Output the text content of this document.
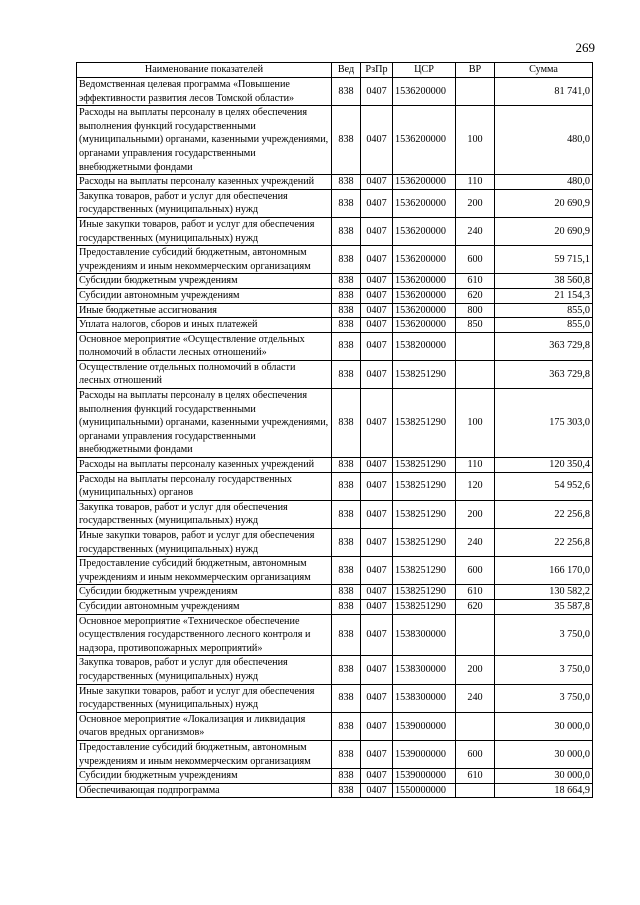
269
Наименование показателей	Вед	РзПр	ЦСР	ВР	Сумма
Ведомственная целевая программа «Повышение эффективности развития лесов Томской области»	838	0407	1536200000		81 741,0
Расходы на выплаты персоналу в целях обеспечения выполнения функций государственными (муниципальными) органами, казенными учреждениями, органами управления государственными внебюджетными фондами	838	0407	1536200000	100	480,0
Расходы на выплаты персоналу казенных учреждений	838	0407	1536200000	110	480,0
Закупка товаров, работ и услуг для обеспечения государственных (муниципальных) нужд	838	0407	1536200000	200	20 690,9
Иные закупки товаров, работ и услуг для обеспечения государственных (муниципальных) нужд	838	0407	1536200000	240	20 690,9
Предоставление субсидий бюджетным, автономным учреждениям и иным некоммерческим организациям	838	0407	1536200000	600	59 715,1
Субсидии бюджетным учреждениям	838	0407	1536200000	610	38 560,8
Субсидии автономным учреждениям	838	0407	1536200000	620	21 154,3
Иные бюджетные ассигнования	838	0407	1536200000	800	855,0
Уплата налогов, сборов и иных платежей	838	0407	1536200000	850	855,0
Основное мероприятие «Осуществление отдельных полномочий в области лесных отношений»	838	0407	1538200000		363 729,8
Осуществление отдельных полномочий в области лесных отношений	838	0407	1538251290		363 729,8
Расходы на выплаты персоналу в целях обеспечения выполнения функций государственными (муниципальными) органами, казенными учреждениями, органами управления государственными внебюджетными фондами	838	0407	1538251290	100	175 303,0
Расходы на выплаты персоналу казенных учреждений	838	0407	1538251290	110	120 350,4
Расходы на выплаты персоналу государственных (муниципальных) органов	838	0407	1538251290	120	54 952,6
Закупка товаров, работ и услуг для обеспечения государственных (муниципальных) нужд	838	0407	1538251290	200	22 256,8
Иные закупки товаров, работ и услуг для обеспечения государственных (муниципальных) нужд	838	0407	1538251290	240	22 256,8
Предоставление субсидий бюджетным, автономным учреждениям и иным некоммерческим организациям	838	0407	1538251290	600	166 170,0
Субсидии бюджетным учреждениям	838	0407	1538251290	610	130 582,2
Субсидии автономным учреждениям	838	0407	1538251290	620	35 587,8
Основное мероприятие «Техническое обеспечение осуществления государственного лесного контроля и надзора, противопожарных мероприятий»	838	0407	1538300000		3 750,0
Закупка товаров, работ и услуг для обеспечения государственных (муниципальных) нужд	838	0407	1538300000	200	3 750,0
Иные закупки товаров, работ и услуг для обеспечения государственных (муниципальных) нужд	838	0407	1538300000	240	3 750,0
Основное мероприятие «Локализация и ликвидация очагов вредных организмов»	838	0407	1539000000		30 000,0
Предоставление субсидий бюджетным, автономным учреждениям и иным некоммерческим организациям	838	0407	1539000000	600	30 000,0
Субсидии бюджетным учреждениям	838	0407	1539000000	610	30 000,0
Обеспечивающая подпрограмма	838	0407	1550000000		18 664,9
